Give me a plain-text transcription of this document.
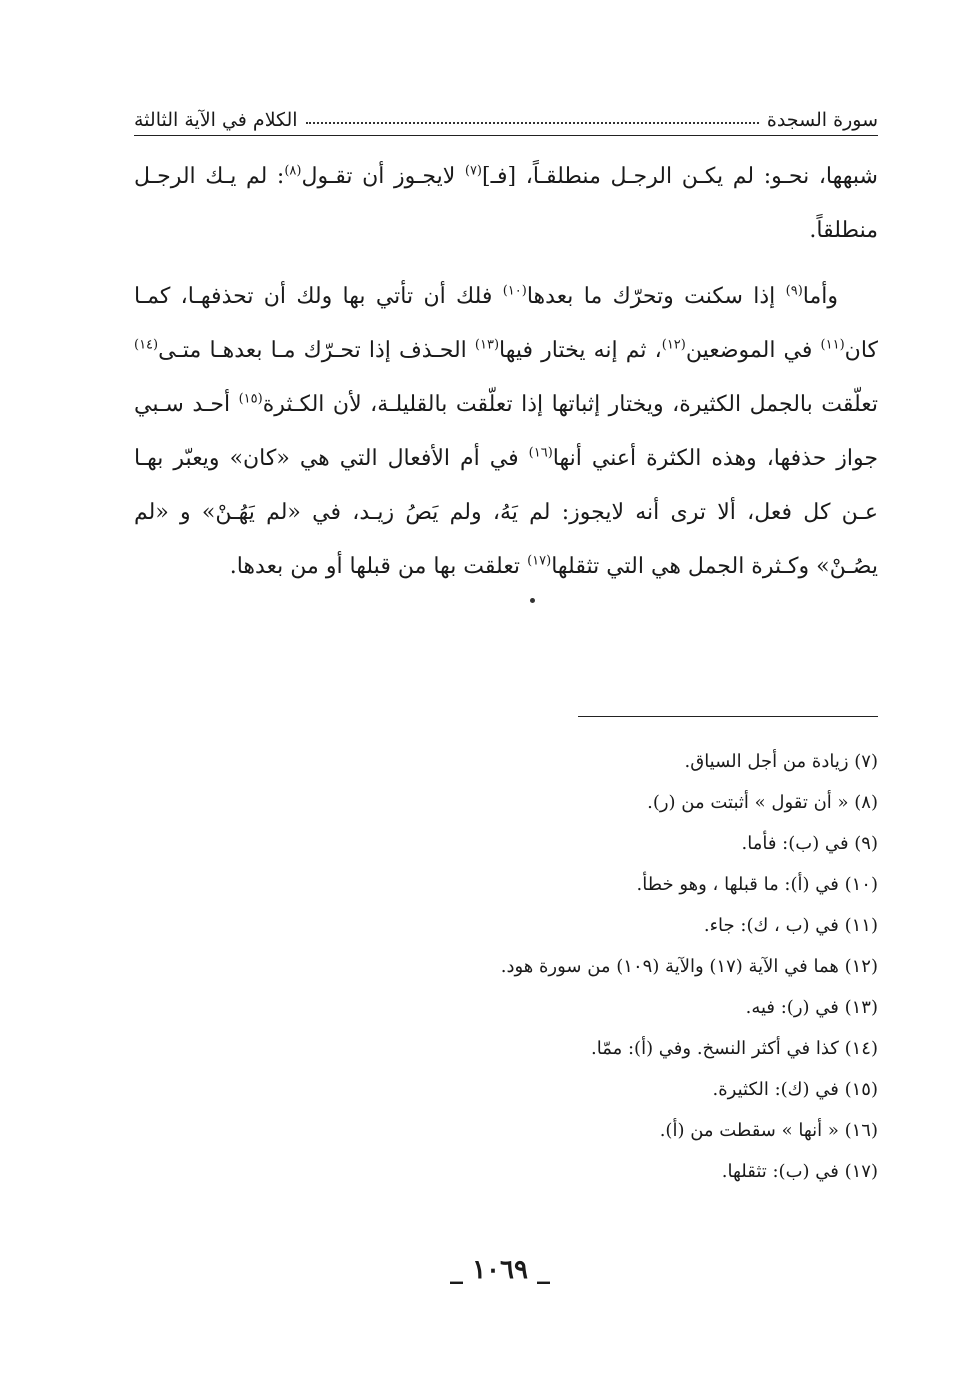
سورة السجدة
الكلام في الآية الثالثة

شبهها، نحـو: لم يكـن الرجـل منطلقـاً، [فـ]$^{(٧)}$ لايجـوز أن تقـول$^{(٨)}$: لم يـك الرجـل منطلقاً.

وأما$^{(٩)}$ إذا سكنت وتحرّك ما بعدها$^{(١٠)}$ فلك أن تأتي بها ولك أن تحذفهـا، كمـا كان$^{(١١)}$ في الموضعين$^{(١٢)}$، ثم إنه يختار فيها$^{(١٣)}$ الحـذف إذا تحـرّك مـا بعدهـا متـى$^{(١٤)}$ تعلّقت بالجمل الكثيرة، ويختار إثباتها إذا تعلّقت بالقليلـة، لأن الكـثرة$^{(١٥)}$ أحـد سـبي جواز حذفها، وهذه الكثرة أعني أنها$^{(١٦)}$ في أم الأفعال التي هي «كان» ويعبّر بهـا عـن كل فعل، ألا ترى أنه لايجوز: لم يَهُ، ولم يَصُ زيـد، في «لم يَهُـنْ» و «لم يصُـنْ» وكـثرة الجمل هي التي تثقلها$^{(١٧)}$ تعلقت بها من قبلها أو من بعدها.

(٧) زيادة من أجل السياق.
(٨) « أن تقول » أثبتت من (ر).
(٩) في (ب): فأما.
(١٠) في (أ): ما قبلها ، وهو خطأ.
(١١) في (ب ، ك): جاء.
(١٢) هما في الآية (١٧) والآية (١٠٩) من سورة هود.
(١٣) في (ر): فيه.
(١٤) كذا في أكثر النسخ. وفي (أ): ممّا.
(١٥) في (ك): الكثيرة.
(١٦) « أنها » سقطت من (أ).
(١٧) في (ب): تثقلها.
_ ١٠٦٩ _
